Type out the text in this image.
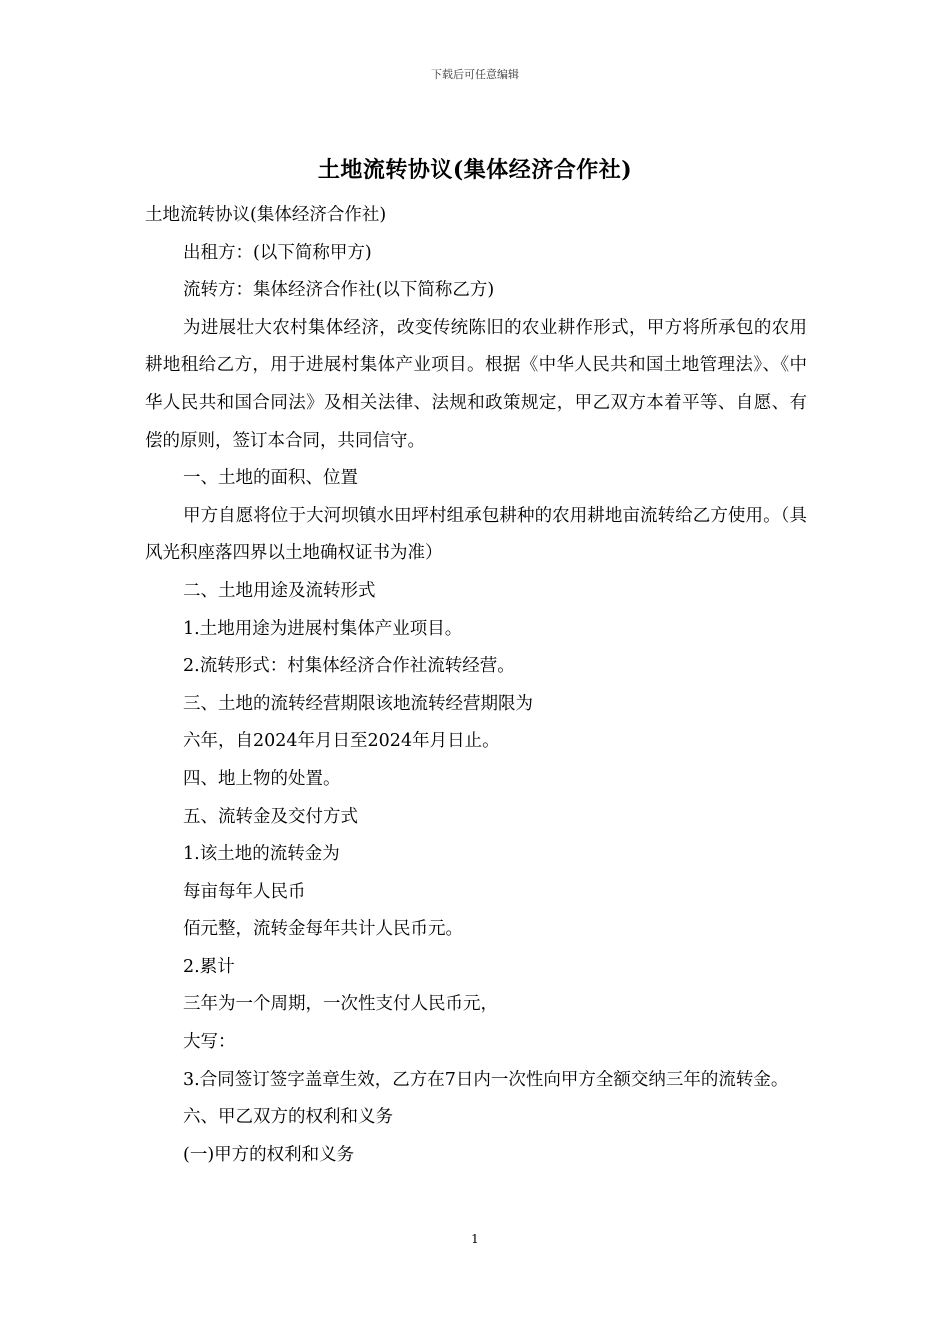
下载后可任意编辑
土地流转协议(集体经济合作社)

土地流转协议(集体经济合作社)

出租方：(以下简称甲方)

流转方：集体经济合作社(以下简称乙方)

为进展壮大农村集体经济，改变传统陈旧的农业耕作形式，甲方将所承包的农用耕地租给乙方，用于进展村集体产业项目。根据《中华人民共和国土地管理法》、《中华人民共和国合同法》及相关法律、法规和政策规定，甲乙双方本着平等、自愿、有偿的原则，签订本合同，共同信守。

一、土地的面积、位置

甲方自愿将位于大河坝镇水田坪村组承包耕种的农用耕地亩流转给乙方使用。（具风光积座落四界以土地确权证书为准）

二、土地用途及流转形式

1.土地用途为进展村集体产业项目。

2.流转形式：村集体经济合作社流转经营。

三、土地的流转经营期限该地流转经营期限为

六年，自2024年月日至2024年月日止。

四、地上物的处置。

五、流转金及交付方式

1.该土地的流转金为

每亩每年人民币

佰元整，流转金每年共计人民币元。

2.累计

三年为一个周期，一次性支付人民币元，

大写：

3.合同签订签字盖章生效，乙方在7日内一次性向甲方全额交纳三年的流转金。

六、甲乙双方的权利和义务

(一)甲方的权利和义务

1
